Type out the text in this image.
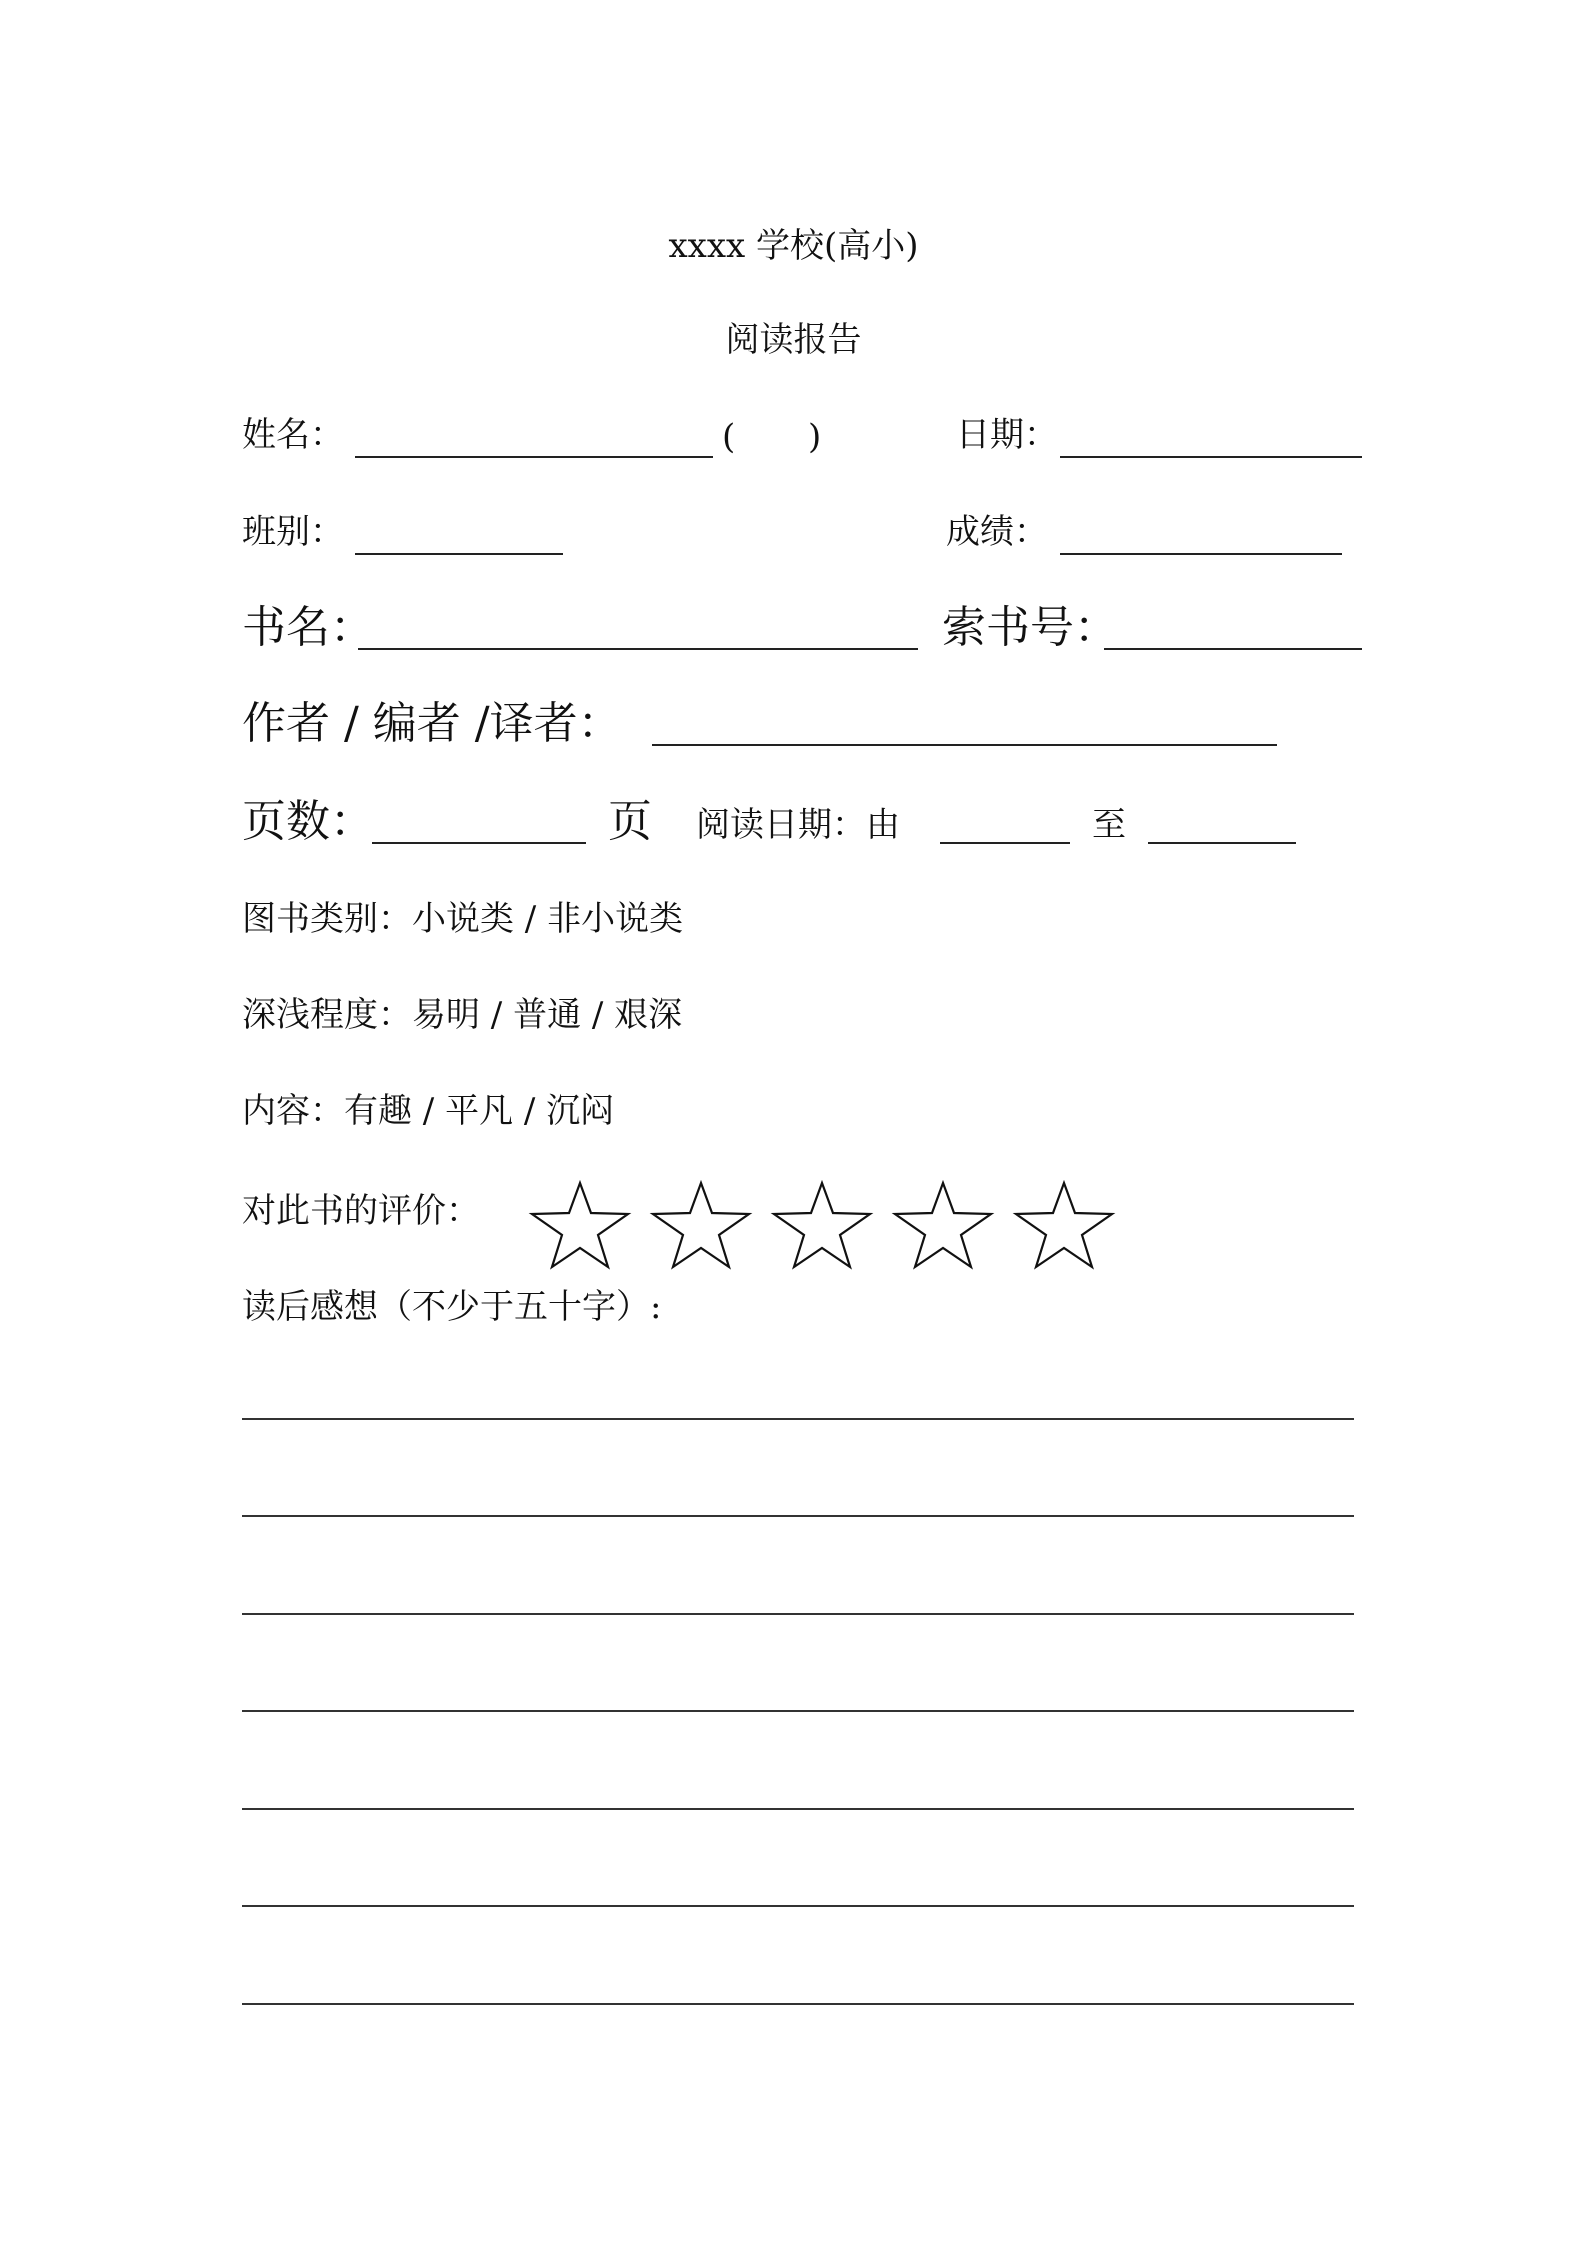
xxxx 学校(高小)
阅读报告
姓名：	( )	日期：
班别：	成绩：
书名：	索书号：
作者 / 编者 /译者：
页数：	页 阅读日期：由	至
图书类别：小说类 / 非小说类
深浅程度：易明 / 普通 / 艰深
内容：有趣 / 平凡 / 沉闷
对此书的评价：
读后感想（不少于五十字）:
